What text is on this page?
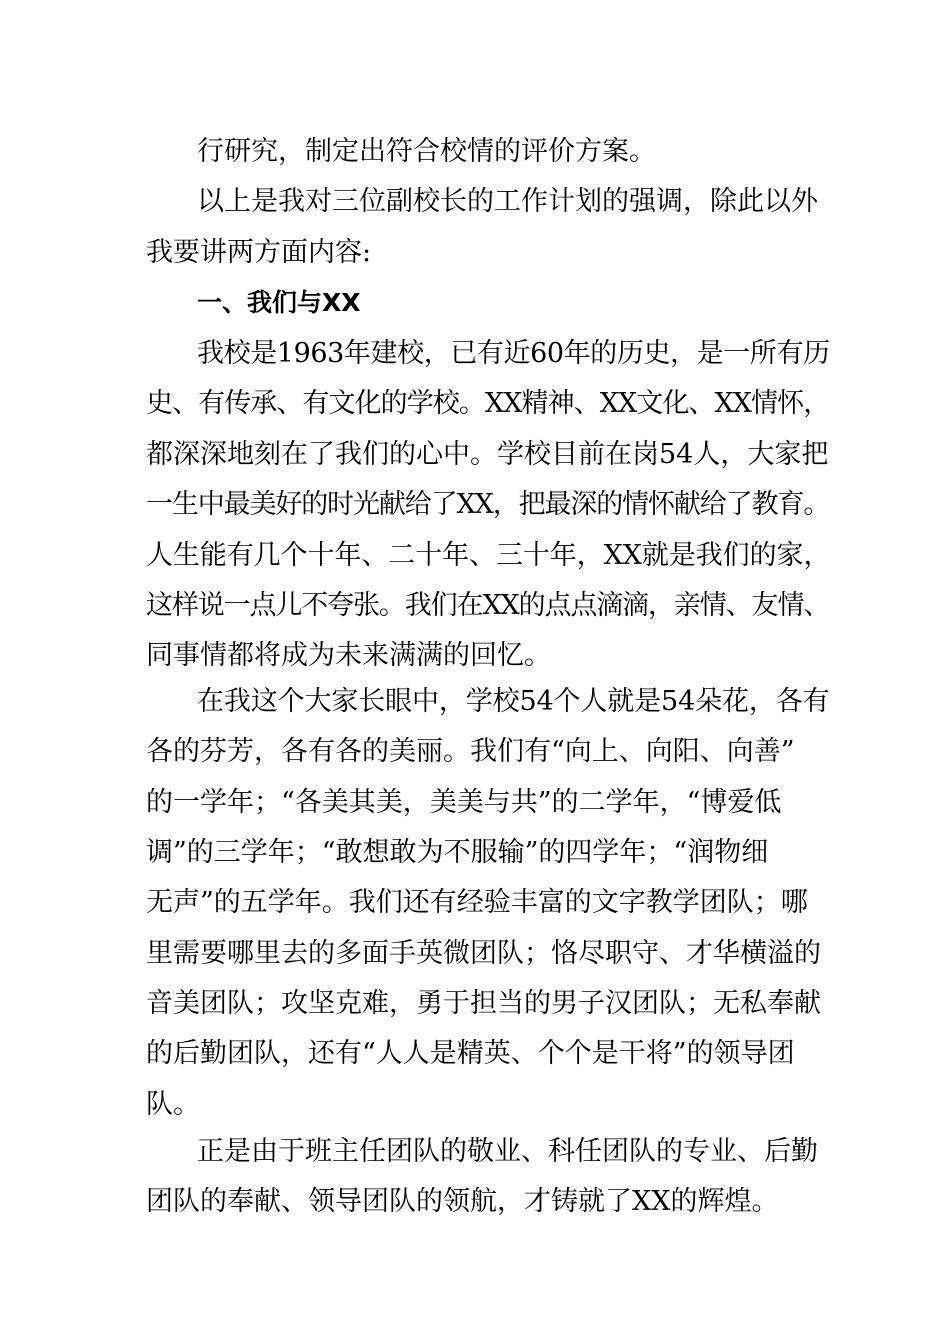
行研究，制定出符合校情的评价方案。
以上是我对三位副校长的工作计划的强调，除此以外
我要讲两方面内容:
一、我们与XX
我校是1963年建校，已有近60年的历史，是一所有历
史、有传承、有文化的学校。XX精神、XX文化、XX情怀，
都深深地刻在了我们的心中。学校目前在岗54人，大家把
一生中最美好的时光献给了XX，把最深的情怀献给了教育。
人生能有几个十年、二十年、三十年，XX就是我们的家，
这样说一点儿不夸张。我们在XX的点点滴滴，亲情、友情、
同事情都将成为未来满满的回忆。
在我这个大家长眼中，学校54个人就是54朵花，各有
各的芬芳，各有各的美丽。我们有“向上、向阳、向善”
的一学年；“各美其美，美美与共”的二学年，“博爱低
调”的三学年；“敢想敢为不服输”的四学年；“润物细
无声”的五学年。我们还有经验丰富的文字教学团队；哪
里需要哪里去的多面手英微团队；恪尽职守、才华横溢的
音美团队；攻坚克难，勇于担当的男子汉团队；无私奉献
的后勤团队，还有“人人是精英、个个是干将”的领导团
队。
正是由于班主任团队的敬业、科任团队的专业、后勤
团队的奉献、领导团队的领航，才铸就了XX的辉煌。
